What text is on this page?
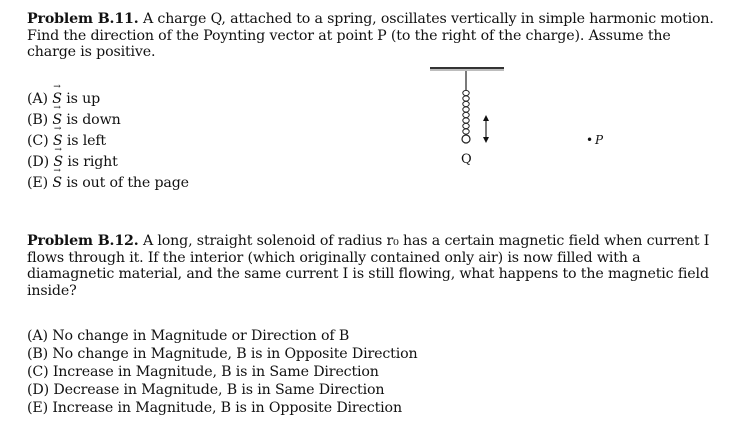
Problem B.11. A charge Q, attached to a spring, oscillates vertically in simple harmonic motion. Find the direction of the Poynting vector at point P (to the right of the charge). Assume the charge is positive.
(A) → S is up
(B) → S is down
(C) → S is left
(D) → S is right
(E) → S is out of the page
Q
• P
Problem B.12. A long, straight solenoid of radius r₀ has a certain magnetic field when current I flows through it. If the interior (which originally contained only air) is now filled with a diamagnetic material, and the same current I is still flowing, what happens to the magnetic field inside?
(A) No change in Magnitude or Direction of B
(B) No change in Magnitude, B is in Opposite Direction
(C) Increase in Magnitude, B is in Same Direction
(D) Decrease in Magnitude, B is in Same Direction
(E) Increase in Magnitude, B is in Opposite Direction
